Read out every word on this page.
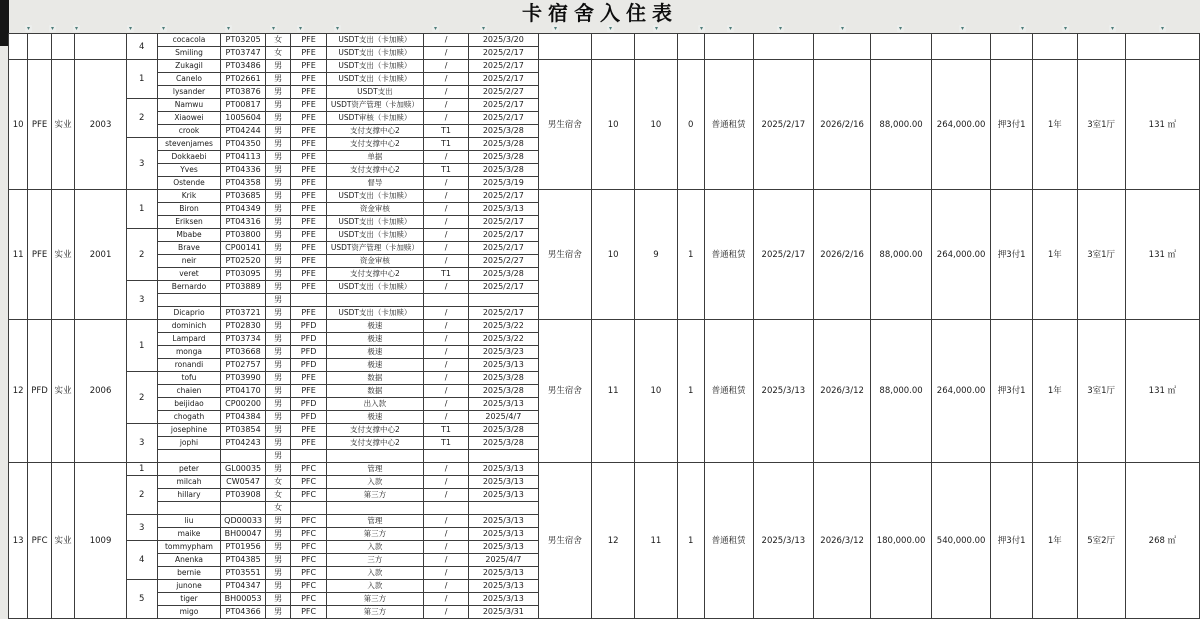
卡宿舍入住表
▾	▾	▾	▾	▾	▾	▾	▾	▾	▾	▾	▾	▾	▾	▾	▾	▾	▾	▾	▾	▾	▾	▾	▾
				4	cocacola	PT03205	女	PFE	USDT支出（卡加赎）	/	2025/3/20													
					Smiling	PT03747	女	PFE	USDT支出（卡加赎）	/	2025/2/17													
10	PFE	实业	2003	1	Zukagil	PT03486	男	PFE	USDT支出（卡加赎）	/	2025/2/17	男生宿舍	10	10	0	普通租赁	2025/2/17	2026/2/16	88,000.00	264,000.00	押3付1	1年	3室1厅	131 ㎡
					Canelo	PT02661	男	PFE	USDT支出（卡加赎）	/	2025/2/17													
					lysander	PT03876	男	PFE	USDT支出	/	2025/2/27													
				2	Namwu	PT00817	男	PFE	USDT资产管理（卡加赎）	/	2025/2/17													
					Xiaowei	1005604	男	PFE	USDT审核（卡加赎）	/	2025/2/17													
					crook	PT04244	男	PFE	支付支撑中心2	T1	2025/3/28													
				3	stevenjames	PT04350	男	PFE	支付支撑中心2	T1	2025/3/28													
					Dokkaebi	PT04113	男	PFE	单据	/	2025/3/28													
					Yves	PT04336	男	PFE	支付支撑中心2	T1	2025/3/28													
					Ostende	PT04358	男	PFE	督导	/	2025/3/19													
11	PFE	实业	2001	1	Krik	PT03685	男	PFE	USDT支出（卡加赎）	/	2025/2/17	男生宿舍	10	9	1	普通租赁	2025/2/17	2026/2/16	88,000.00	264,000.00	押3付1	1年	3室1厅	131 ㎡
					Biron	PT04349	男	PFE	资金审核	/	2025/3/13													
					Eriksen	PT04316	男	PFE	USDT支出（卡加赎）	/	2025/2/17													
				2	Mbabe	PT03800	男	PFE	USDT支出（卡加赎）	/	2025/2/17													
					Brave	CP00141	男	PFE	USDT资产管理（卡加赎）	/	2025/2/17													
					neir	PT02520	男	PFE	资金审核	/	2025/2/27													
					veret	PT03095	男	PFE	支付支撑中心2	T1	2025/3/28													
				3	Bernardo	PT03889	男	PFE	USDT支出（卡加赎）	/	2025/2/17													
							男																	
					Dicaprio	PT03721	男	PFE	USDT支出（卡加赎）	/	2025/2/17													
12	PFD	实业	2006	1	dominich	PT02830	男	PFD	极速	/	2025/3/22	男生宿舍	11	10	1	普通租赁	2025/3/13	2026/3/12	88,000.00	264,000.00	押3付1	1年	3室1厅	131 ㎡
					Lampard	PT03734	男	PFD	极速	/	2025/3/22													
					monga	PT03668	男	PFD	极速	/	2025/3/23													
					ronandi	PT02757	男	PFD	极速	/	2025/3/13													
				2	tofu	PT03990	男	PFE	数据	/	2025/3/28													
					chaien	PT04170	男	PFE	数据	/	2025/3/28													
					beijidao	CP00200	男	PFD	出入款	/	2025/3/13													
					chogath	PT04384	男	PFD	极速	/	2025/4/7													
				3	josephine	PT03854	男	PFE	支付支撑中心2	T1	2025/3/28													
					jophi	PT04243	男	PFE	支付支撑中心2	T1	2025/3/28													
							男																	
13	PFC	实业	1009	1	peter	GL00035	男	PFC	管理	/	2025/3/13	男生宿舍	12	11	1	普通租赁	2025/3/13	2026/3/12	180,000.00	540,000.00	押3付1	1年	5室2厅	268 ㎡
				2	milcah	CW0547	女	PFC	入款	/	2025/3/13													
					hillary	PT03908	女	PFC	第三方	/	2025/3/13													
							女																	
				3	liu	QD00033	男	PFC	管理	/	2025/3/13													
					maike	BH00047	男	PFC	第三方	/	2025/3/13													
				4	tommypham	PT01956	男	PFC	入款	/	2025/3/13													
					Anenka	PT04385	男	PFC	三方	/	2025/4/7													
					bernie	PT03551	男	PFC	入款	/	2025/3/13													
				5	junone	PT04347	男	PFC	入款	/	2025/3/13													
					tiger	BH00053	男	PFC	第三方	/	2025/3/13													
					migo	PT04366	男	PFC	第三方	/	2025/3/31													
